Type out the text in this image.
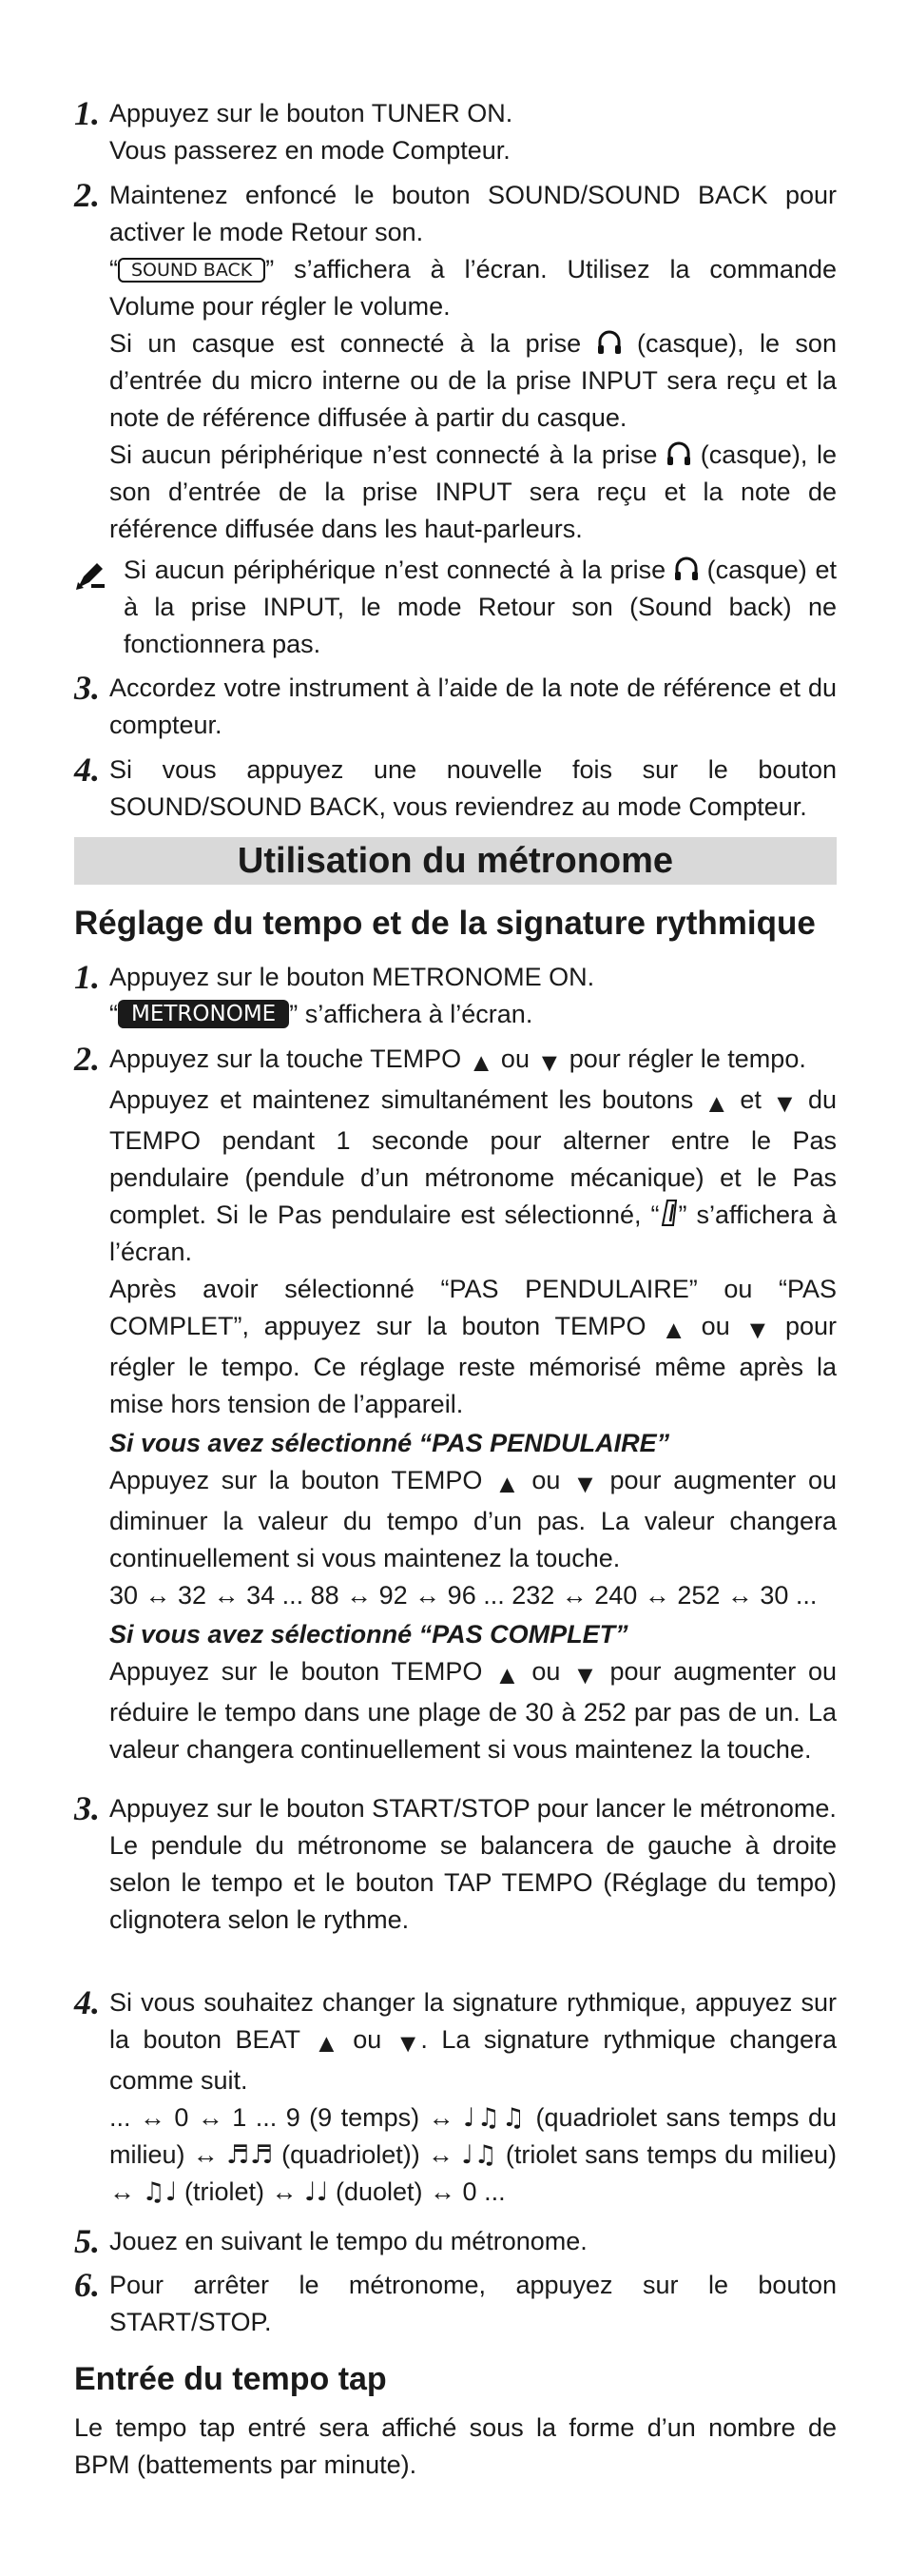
1. Appuyez sur le bouton TUNER ON.

Vous passerez en mode Compteur.

2. Maintenez enfoncé le bouton SOUND/SOUND BACK pour activer le mode Retour son.

“ SOUND BACK ” s’affichera à l’écran. Utilisez la commande Volume pour régler le volume.

Si un casque est connecté à la prise  (casque), le son d’entrée du micro interne ou de la prise INPUT sera reçu et la note de référence diffusée à partir du casque.

Si aucun périphérique n’est connecté à la prise  (casque), le son d’entrée de la prise INPUT sera reçu et la note de référence diffusée dans les haut-parleurs.

Si aucun périphérique n’est connecté à la prise  (casque) et à la prise INPUT, le mode Retour son (Sound back) ne fonctionnera pas.
3. Accordez votre instrument à l’aide de la note de référence et du compteur.

4. Si vous appuyez une nouvelle fois sur le bouton SOUND/SOUND BACK, vous reviendrez au mode Compteur.

Utilisation du métronome
Réglage du tempo et de la signature rythmique
1. Appuyez sur le bouton METRONOME ON.

“ METRONOME ” s’affichera à l’écran.

2. Appuyez sur la touche TEMPO ▲ ou ▼ pour régler le tempo.

Appuyez et maintenez simultanément les boutons ▲ et ▼ du TEMPO pendant 1 seconde pour alterner entre le Pas pendulaire (pendule d’un métronome mécanique) et le Pas complet. Si le Pas pendulaire est sélectionné, “ ” s’affichera à l’écran.

Après avoir sélectionné “PAS PENDULAIRE” ou “PAS COMPLET”, appuyez sur la bouton TEMPO ▲ ou ▼ pour régler le tempo. Ce réglage reste mémorisé même après la mise hors tension de l’appareil.

Si vous avez sélectionné “PAS PENDULAIRE”

Appuyez sur la bouton TEMPO ▲ ou ▼ pour augmenter ou diminuer la valeur du tempo d’un pas. La valeur changera continuellement si vous maintenez la touche.

30 ↔ 32 ↔ 34 ... 88 ↔ 92 ↔ 96 ... 232 ↔ 240 ↔ 252 ↔ 30 ...

Si vous avez sélectionné “PAS COMPLET”

Appuyez sur le bouton TEMPO ▲ ou ▼ pour augmenter ou réduire le tempo dans une plage de 30 à 252 par pas de un. La valeur changera continuellement si vous maintenez la touche.

3. Appuyez sur le bouton START/STOP pour lancer le métronome.

Le pendule du métronome se balancera de gauche à droite selon le tempo et le bouton TAP TEMPO (Réglage du tempo) clignotera selon le rythme.

4. Si vous souhaitez changer la signature rythmique, appuyez sur la bouton BEAT ▲ ou ▼. La signature rythmique changera comme suit.

... ↔ 0 ↔ 1 ... 9 (9 temps) ↔ ♩♫♫ (quadriolet sans temps du milieu) ↔ ♬♬ (quadriolet)) ↔ ♩♫ (triolet sans temps du milieu) ↔ ♫♩ (triolet) ↔ ♩♩ (duolet) ↔ 0 ...

5. Jouez en suivant le tempo du métronome.

6. Pour arrêter le métronome, appuyez sur le bouton START/STOP.

Entrée du tempo tap
Le tempo tap entré sera affiché sous la forme d’un nombre de BPM (battements par minute).
